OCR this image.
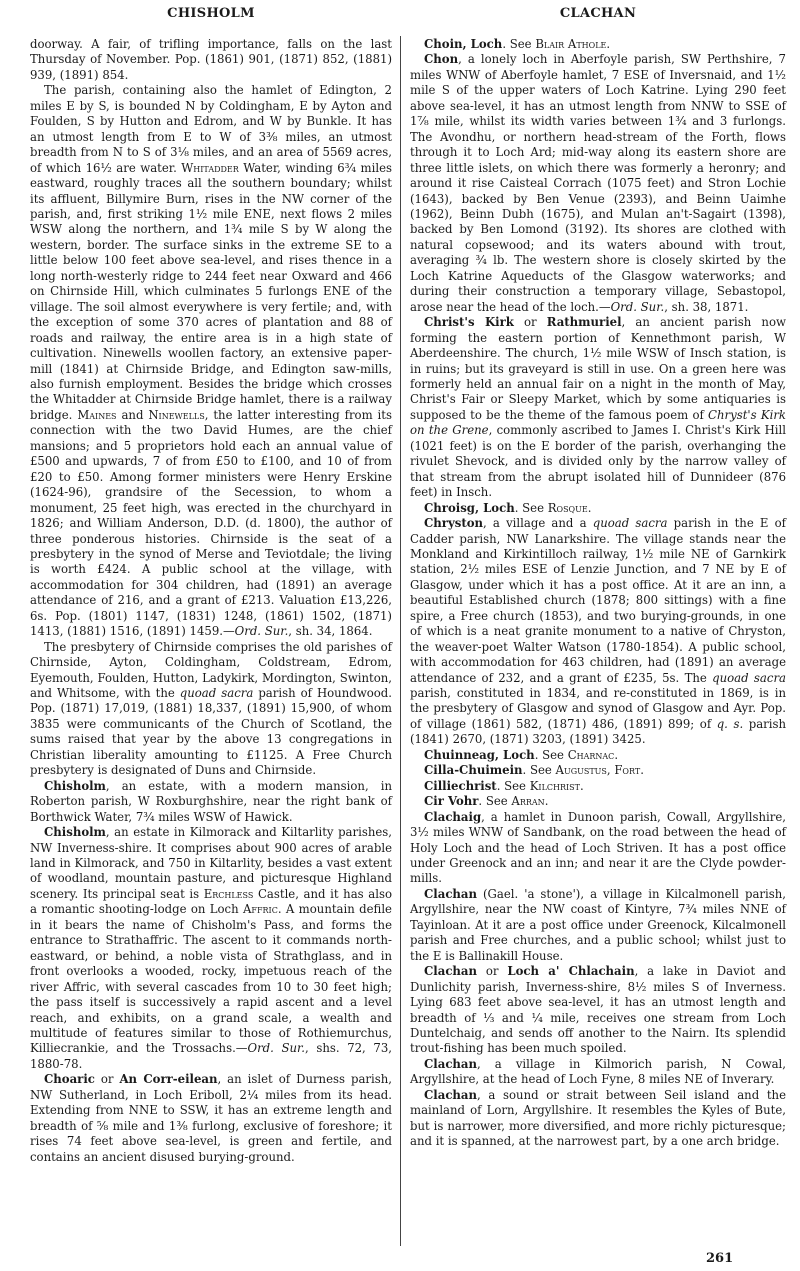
CHISHOLM	CLACHAN

doorway. A fair, of trifling importance, falls on the last Thursday of November. Pop. (1861) 901, (1871) 852, (1881) 939, (1891) 854.

The parish, containing also the hamlet of Edington, 2 miles E by S, is bounded N by Coldingham, E by Ayton and Foulden, S by Hutton and Edrom, and W by Bunkle. It has an utmost length from E to W of 3⅜ miles, an utmost breadth from N to S of 3⅛ miles, and an area of 5569 acres, of which 16½ are water. Whitadder Water, winding 6¾ miles eastward, roughly traces all the southern boundary; whilst its affluent, Billymire Burn, rises in the NW corner of the parish, and, first striking 1½ mile ENE, next flows 2 miles WSW along the northern, and 1¾ mile S by W along the western, border. The surface sinks in the extreme SE to a little below 100 feet above sea-level, and rises thence in a long north-westerly ridge to 244 feet near Oxward and 466 on Chirnside Hill, which culminates 5 furlongs ENE of the village. The soil almost everywhere is very fertile; and, with the exception of some 370 acres of plantation and 88 of roads and railway, the entire area is in a high state of cultivation. Ninewells woollen factory, an extensive paper-mill (1841) at Chirnside Bridge, and Edington saw-mills, also furnish employment. Besides the bridge which crosses the Whitadder at Chirnside Bridge hamlet, there is a railway bridge. Maines and Ninewells, the latter interesting from its connection with the two David Humes, are the chief mansions; and 5 proprietors hold each an annual value of £500 and upwards, 7 of from £50 to £100, and 10 of from £20 to £50. Among former ministers were Henry Erskine (1624-96), grandsire of the Secession, to whom a monument, 25 feet high, was erected in the churchyard in 1826; and William Anderson, D.D. (d. 1800), the author of three ponderous histories. Chirnside is the seat of a presbytery in the synod of Merse and Teviotdale; the living is worth £424. A public school at the village, with accommodation for 304 children, had (1891) an average attendance of 216, and a grant of £213. Valuation £13,226, 6s. Pop. (1801) 1147, (1831) 1248, (1861) 1502, (1871) 1413, (1881) 1516, (1891) 1459.—Ord. Sur., sh. 34, 1864.

The presbytery of Chirnside comprises the old parishes of Chirnside, Ayton, Coldingham, Coldstream, Edrom, Eyemouth, Foulden, Hutton, Ladykirk, Mordington, Swinton, and Whitsome, with the quoad sacra parish of Houndwood. Pop. (1871) 17,019, (1881) 18,337, (1891) 15,900, of whom 3835 were communicants of the Church of Scotland, the sums raised that year by the above 13 congregations in Christian liberality amounting to £1125. A Free Church presbytery is designated of Duns and Chirnside.

Chisholm, an estate, with a modern mansion, in Roberton parish, W Roxburghshire, near the right bank of Borthwick Water, 7¾ miles WSW of Hawick.

Chisholm, an estate in Kilmorack and Kiltarlity parishes, NW Inverness-shire. It comprises about 900 acres of arable land in Kilmorack, and 750 in Kiltarlity, besides a vast extent of woodland, mountain pasture, and picturesque Highland scenery. Its principal seat is Erchless Castle, and it has also a romantic shooting-lodge on Loch Affric. A mountain defile in it bears the name of Chisholm's Pass, and forms the entrance to Strathaffric. The ascent to it commands north-eastward, or behind, a noble vista of Strathglass, and in front overlooks a wooded, rocky, impetuous reach of the river Affric, with several cascades from 10 to 30 feet high; the pass itself is successively a rapid ascent and a level reach, and exhibits, on a grand scale, a wealth and multitude of features similar to those of Rothiemurchus, Killiecrankie, and the Trossachs.—Ord. Sur., shs. 72, 73, 1880-78.

Choaric or An Corr-eilean, an islet of Durness parish, NW Sutherland, in Loch Eriboll, 2¼ miles from its head. Extending from NNE to SSW, it has an extreme length and breadth of ⅝ mile and 1⅜ furlong, exclusive of foreshore; it rises 74 feet above sea-level, is green and fertile, and contains an ancient disused burying-ground.

Choin, Loch. See Blair Athole.

Chon, a lonely loch in Aberfoyle parish, SW Perthshire, 7 miles WNW of Aberfoyle hamlet, 7 ESE of Inversnaid, and 1½ mile S of the upper waters of Loch Katrine. Lying 290 feet above sea-level, it has an utmost length from NNW to SSE of 1⅞ mile, whilst its width varies between 1¾ and 3 furlongs. The Avondhu, or northern head-stream of the Forth, flows through it to Loch Ard; mid-way along its eastern shore are three little islets, on which there was formerly a heronry; and around it rise Caisteal Corrach (1075 feet) and Stron Lochie (1643), backed by Ben Venue (2393), and Beinn Uaimhe (1962), Beinn Dubh (1675), and Mulan an't-Sagairt (1398), backed by Ben Lomond (3192). Its shores are clothed with natural copsewood; and its waters abound with trout, averaging ¾ lb. The western shore is closely skirted by the Loch Katrine Aqueducts of the Glasgow waterworks; and during their construction a temporary village, Sebastopol, arose near the head of the loch.—Ord. Sur., sh. 38, 1871.

Christ's Kirk or Rathmuriel, an ancient parish now forming the eastern portion of Kennethmont parish, W Aberdeenshire. The church, 1½ mile WSW of Insch station, is in ruins; but its graveyard is still in use. On a green here was formerly held an annual fair on a night in the month of May, Christ's Fair or Sleepy Market, which by some antiquaries is supposed to be the theme of the famous poem of Chryst's Kirk on the Grene, commonly ascribed to James I. Christ's Kirk Hill (1021 feet) is on the E border of the parish, overhanging the rivulet Shevock, and is divided only by the narrow valley of that stream from the abrupt isolated hill of Dunnideer (876 feet) in Insch.

Chroisg, Loch. See Rosque.

Chryston, a village and a quoad sacra parish in the E of Cadder parish, NW Lanarkshire. The village stands near the Monkland and Kirkintilloch railway, 1½ mile NE of Garnkirk station, 2½ miles ESE of Lenzie Junction, and 7 NE by E of Glasgow, under which it has a post office. At it are an inn, a beautiful Established church (1878; 800 sittings) with a fine spire, a Free church (1853), and two burying-grounds, in one of which is a neat granite monument to a native of Chryston, the weaver-poet Walter Watson (1780-1854). A public school, with accommodation for 463 children, had (1891) an average attendance of 232, and a grant of £235, 5s. The quoad sacra parish, constituted in 1834, and re-constituted in 1869, is in the presbytery of Glasgow and synod of Glasgow and Ayr. Pop. of village (1861) 582, (1871) 486, (1891) 899; of q. s. parish (1841) 2670, (1871) 3203, (1891) 3425.

Chuinneag, Loch. See Charnac.

Cilla-Chuimein. See Augustus, Fort.

Cilliechrist. See Kilchrist.

Cir Vohr. See Arran.

Clachaig, a hamlet in Dunoon parish, Cowall, Argyllshire, 3½ miles WNW of Sandbank, on the road between the head of Holy Loch and the head of Loch Striven. It has a post office under Greenock and an inn; and near it are the Clyde powder-mills.

Clachan (Gael. 'a stone'), a village in Kilcalmonell parish, Argyllshire, near the NW coast of Kintyre, 7¾ miles NNE of Tayinloan. At it are a post office under Greenock, Kilcalmonell parish and Free churches, and a public school; whilst just to the E is Ballinakill House.

Clachan or Loch a' Chlachain, a lake in Daviot and Dunlichity parish, Inverness-shire, 8½ miles S of Inverness. Lying 683 feet above sea-level, it has an utmost length and breadth of ⅓ and ¼ mile, receives one stream from Loch Duntelchaig, and sends off another to the Nairn. Its splendid trout-fishing has been much spoiled.

Clachan, a village in Kilmorich parish, N Cowal, Argyllshire, at the head of Loch Fyne, 8 miles NE of Inverary.

Clachan, a sound or strait between Seil island and the mainland of Lorn, Argyllshire. It resembles the Kyles of Bute, but is narrower, more diversified, and more richly picturesque; and it is spanned, at the narrowest part, by a one arch bridge.

261
